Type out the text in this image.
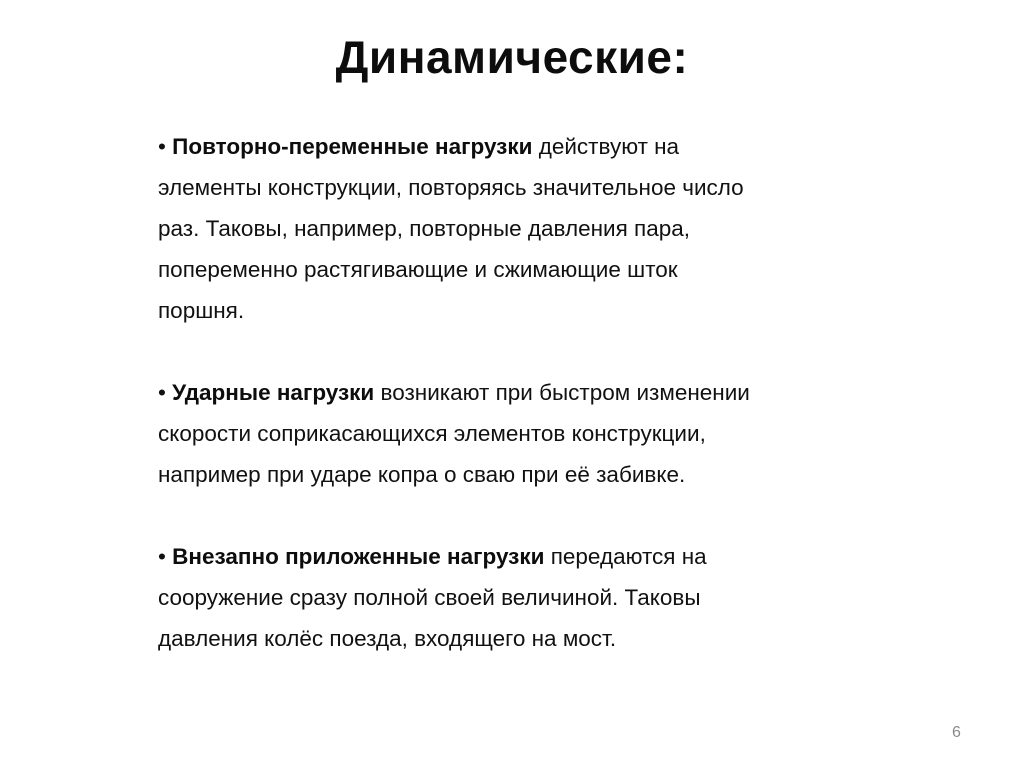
Динамические:
• Повторно-переменные нагрузки действуют на
элементы конструкции, повторяясь значительное число
раз. Таковы, например, повторные давления пара,
попеременно растягивающие и сжимающие шток
поршня.
• Ударные нагрузки возникают при быстром изменении
скорости соприкасающихся элементов конструкции,
например при ударе копра о сваю при её забивке.
• Внезапно приложенные нагрузки передаются на
сооружение сразу полной своей величиной. Таковы
давления колёс поезда, входящего на мост.
6
